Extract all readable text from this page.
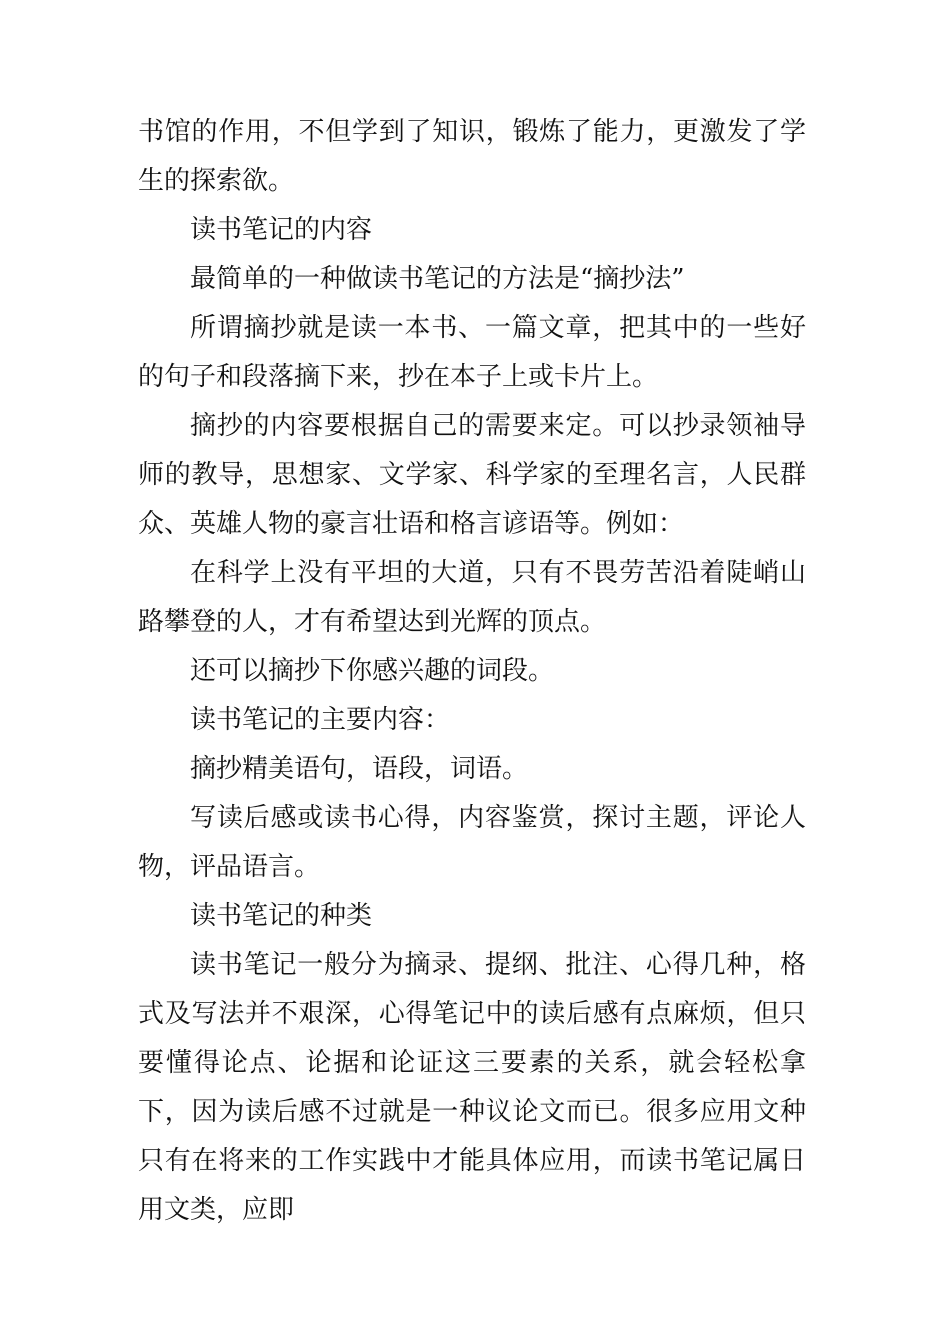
书馆的作用，不但学到了知识，锻炼了能力，更激发了学生的探索欲。

读书笔记的内容

最简单的一种做读书笔记的方法是“摘抄法”

所谓摘抄就是读一本书、一篇文章，把其中的一些好的句子和段落摘下来，抄在本子上或卡片上。

摘抄的内容要根据自己的需要来定。可以抄录领袖导师的教导，思想家、文学家、科学家的至理名言，人民群众、英雄人物的豪言壮语和格言谚语等。例如：

在科学上没有平坦的大道，只有不畏劳苦沿着陡峭山路攀登的人，才有希望达到光辉的顶点。

还可以摘抄下你感兴趣的词段。

读书笔记的主要内容：

摘抄精美语句，语段，词语。

写读后感或读书心得，内容鉴赏，探讨主题，评论人物，评品语言。

读书笔记的种类

读书笔记一般分为摘录、提纲、批注、心得几种，格式及写法并不艰深，心得笔记中的读后感有点麻烦，但只要懂得论点、论据和论证这三要素的关系，就会轻松拿下，因为读后感不过就是一种议论文而已。很多应用文种只有在将来的工作实践中才能具体应用，而读书笔记属日用文类，应即
